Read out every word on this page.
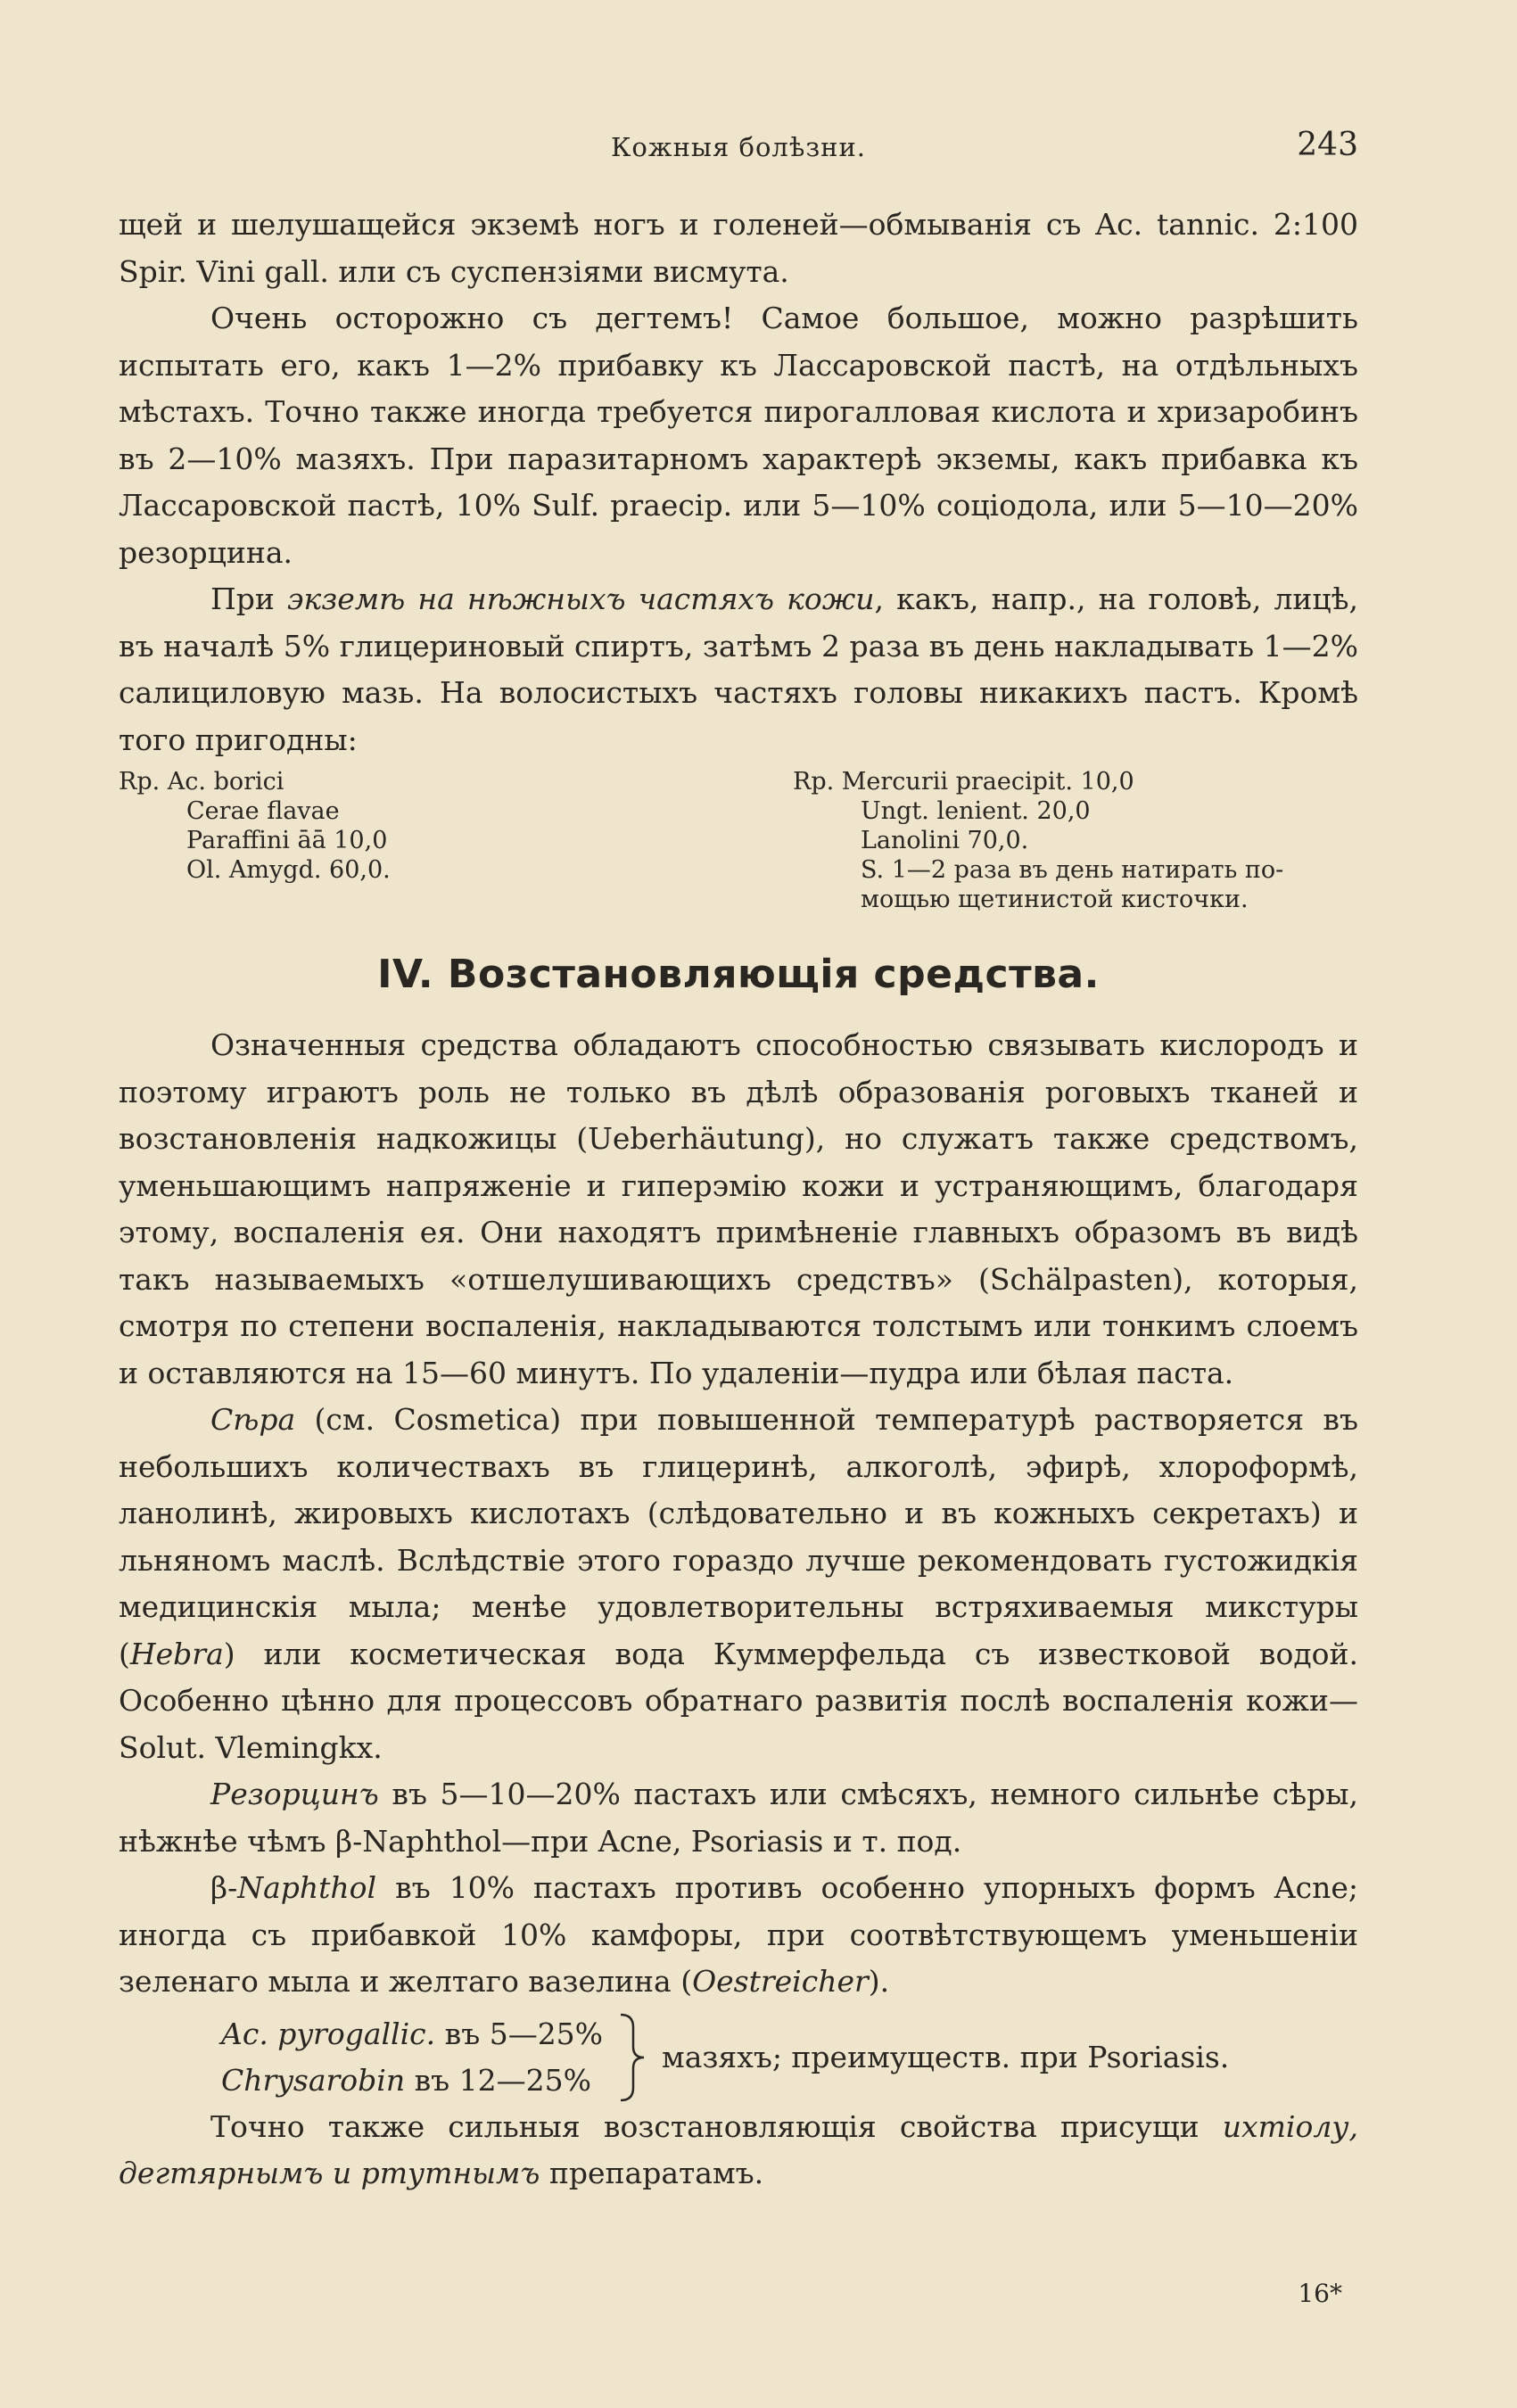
Кожныя болѣзни.	243

щей и шелушащейся экземѣ ногъ и голеней—обмыванія съ Ac. tannic. 2:100 Spir. Vini gall. или съ суспензіями висмута.

Очень осторожно съ дегтемъ! Самое большое, можно разрѣшить испытать его, какъ 1—2% прибавку къ Лассаровской пастѣ, на отдѣльныхъ мѣстахъ. Точно также иногда требуется пирогалловая кислота и хризаробинъ въ 2—10% мазяхъ. При паразитарномъ характерѣ экземы, какъ прибавка къ Лассаровской пастѣ, 10% Sulf. praecip. или 5—10% соціодола, или 5—10—20% резорцина.

При экземѣ на нѣжныхъ частяхъ кожи, какъ, напр., на головѣ, лицѣ, въ началѣ 5% глицериновый спиртъ, затѣмъ 2 раза въ день накладывать 1—2% салициловую мазь. На волосистыхъ частяхъ головы никакихъ пастъ. Кромѣ того пригодны:

Rp. Ac. borici
Cerae flavae
Paraffini āā 10,0
Ol. Amygd. 60,0.
Rp. Mercurii praecipit. 10,0
Ungt. lenient. 20,0
Lanolini 70,0.
S. 1—2 раза въ день натирать по-
мощью щетинистой кисточки.
IV. Возстановляющія средства.

Означенныя средства обладаютъ способностью связывать кислородъ и поэтому играютъ роль не только въ дѣлѣ образованія роговыхъ тканей и возстановленія надкожицы (Ueberhäutung), но служатъ также средствомъ, уменьшающимъ напряженіе и гиперэмію кожи и устраняющимъ, благодаря этому, воспаленія ея. Они находятъ примѣненіе главныхъ образомъ въ видѣ такъ называемыхъ «отшелушивающихъ средствъ» (Schälpasten), которыя, смотря по степени воспаленія, накладываются толстымъ или тонкимъ слоемъ и оставляются на 15—60 минутъ. По удаленіи—пудра или бѣлая паста.

Сѣра (см. Cosmetica) при повышенной температурѣ растворяется въ небольшихъ количествахъ въ глицеринѣ, алкоголѣ, эфирѣ, хлороформѣ, ланолинѣ, жировыхъ кислотахъ (слѣдовательно и въ кожныхъ секретахъ) и льняномъ маслѣ. Вслѣдствіе этого гораздо лучше рекомендовать густожидкія медицинскія мыла; менѣе удовлетворительны встряхиваемыя микстуры (Hebra) или косметическая вода Куммерфельда съ известковой водой. Особенно цѣнно для процессовъ обратнаго развитія послѣ воспаленія кожи—Solut. Vlemingkx.

Резорцинъ въ 5—10—20% пастахъ или смѣсяхъ, немного сильнѣе сѣры, нѣжнѣе чѣмъ β-Naphthol—при Acne, Psoriasis и т. под.

β-Naphthol въ 10% пастахъ противъ особенно упорныхъ формъ Acne; иногда съ прибавкой 10% камфоры, при соотвѣтствующемъ уменьшеніи зеленаго мыла и желтаго вазелина (Oestreicher).

Ac. pyrogallic. въ 5—25%
Chrysarobin въ 12—25%
мазяхъ; преимуществ. при Psoriasis.

Точно также сильныя возстановляющія свойства присущи ихтіолу, дегтярнымъ и ртутнымъ препаратамъ.

16*
